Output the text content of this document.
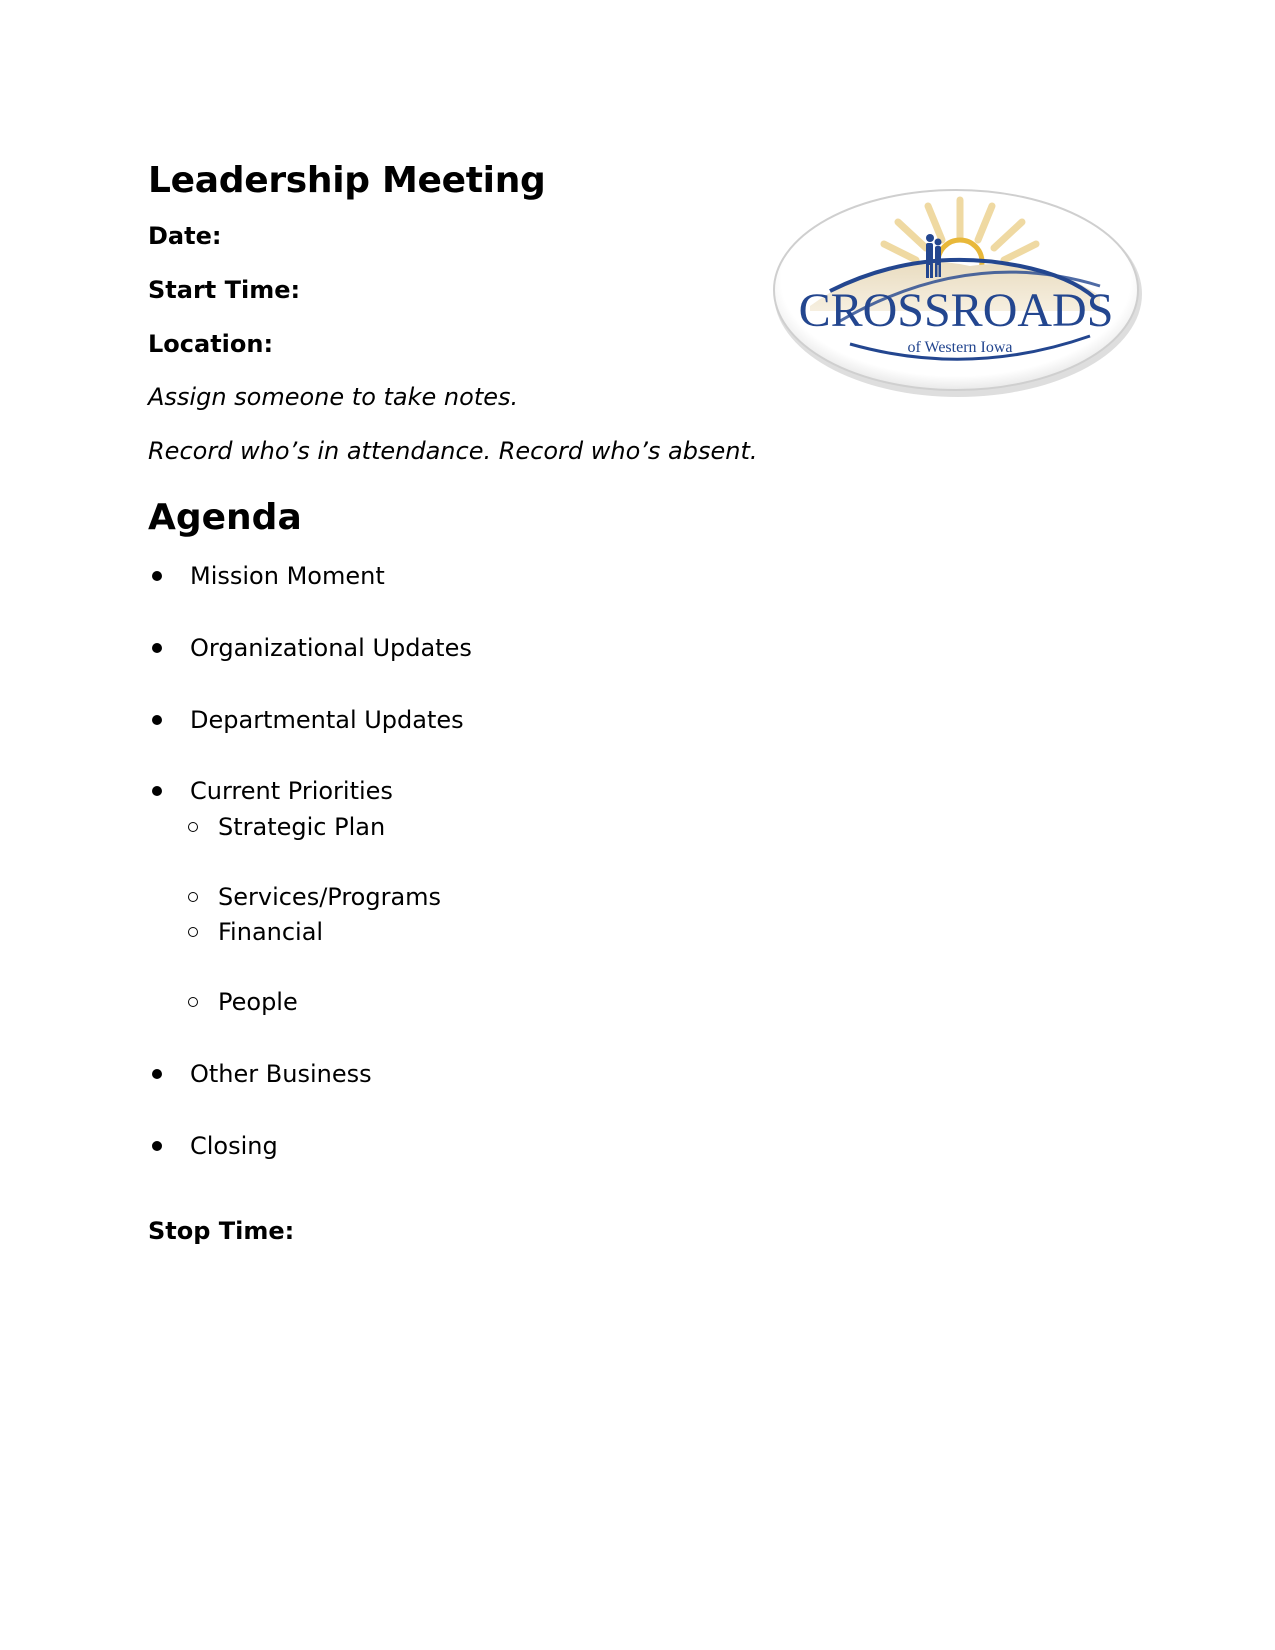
Leadership Meeting
Date:
Start Time:
Location:
Assign someone to take notes.
Record who’s in attendance. Record who’s absent.
Agenda
Mission Moment
Organizational Updates
Departmental Updates
Current Priorities
Strategic Plan
Services/Programs
Financial
People
Other Business
Closing
Stop Time:
CROSSROADS
of Western Iowa
